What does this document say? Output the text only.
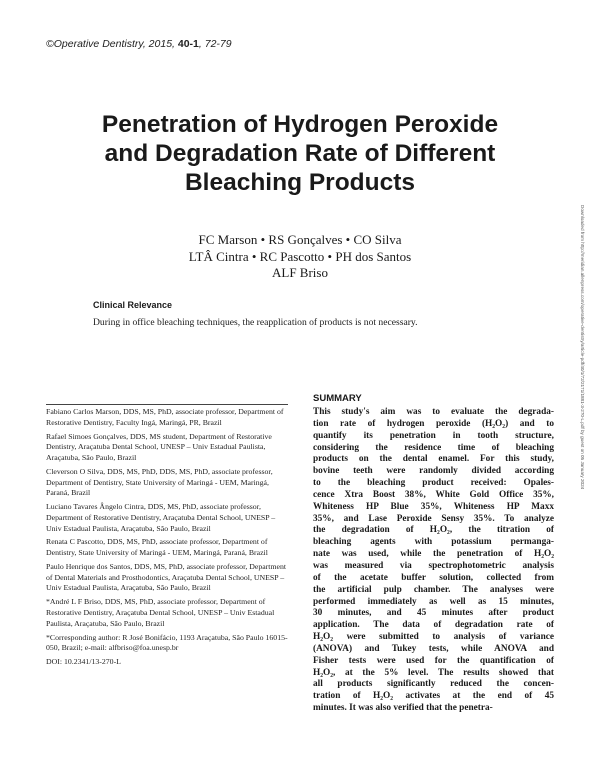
©Operative Dentistry, 2015, 40-1, 72-79
Penetration of Hydrogen Peroxide
and Degradation Rate of Different
Bleaching Products
FC Marson • RS Gonçalves • CO Silva
LTÂ Cintra • RC Pascotto • PH dos Santos
ALF Briso	Downloaded from http://meridian.allenpress.com/operative-dentistry/article-pdf/40/1/72/2171/1881-3-270-L.pdf by guest on 05 January 2024
Clinical Relevance
During in office bleaching techniques, the reapplication of products is not necessary.

Fabiano Carlos Marson, DDS, MS, PhD, associate professor, Department of Restorative Dentistry, Faculty Ingá, Maringá, PR, Brazil

Rafael Simoes Gonçalves, DDS, MS student, Department of Restorative Dentistry, Araçatuba Dental School, UNESP – Univ Estadual Paulista, Araçatuba, São Paulo, Brazil

Cleverson O Silva, DDS, MS, PhD, DDS, MS, PhD, associate professor, Department of Dentistry, State University of Maringá - UEM, Maringá, Paraná, Brazil

Luciano Tavares Ângelo Cintra, DDS, MS, PhD, associate professor, Department of Restorative Dentistry, Araçatuba Dental School, UNESP – Univ Estadual Paulista, Araçatuba, São Paulo, Brazil

Renata C Pascotto, DDS, MS, PhD, associate professor, Department of Dentistry, State University of Maringá - UEM, Maringá, Paraná, Brazil

Paulo Henrique dos Santos, DDS, MS, PhD, associate professor, Department of Dental Materials and Prosthodontics, Araçatuba Dental School, UNESP – Univ Estadual Paulista, Araçatuba, São Paulo, Brazil

*André L F Briso, DDS, MS, PhD, associate professor, Department of Restorative Dentistry, Araçatuba Dental School, UNESP – Univ Estadual Paulista, Araçatuba, São Paulo, Brazil

*Corresponding author: R José Bonifácio, 1193 Araçatuba, São Paulo 16015-050, Brazil; e-mail: alfbriso@foa.unesp.br

DOI: 10.2341/13-270-L

SUMMARY
This study's aim was to evaluate the degrada-
tion rate of hydrogen peroxide (H₂O₂) and to
quantify its penetration in tooth structure,
considering the residence time of bleaching
products on the dental enamel. For this study,
bovine teeth were randomly divided according
to the bleaching product received: Opales-
cence Xtra Boost 38%, White Gold Office 35%,
Whiteness HP Blue 35%, Whiteness HP Maxx
35%, and Lase Peroxide Sensy 35%. To analyze
the degradation of H₂O₂, the titration of
bleaching agents with potassium permanga-
nate was used, while the penetration of H₂O₂
was measured via spectrophotometric analysis
of the acetate buffer solution, collected from
the artificial pulp chamber. The analyses were
performed immediately as well as 15 minutes,
30 minutes, and 45 minutes after product
application. The data of degradation rate of
H₂O₂ were submitted to analysis of variance
(ANOVA) and Tukey tests, while ANOVA and
Fisher tests were used for the quantification of
H₂O₂, at the 5% level. The results showed that
all products significantly reduced the concen-
tration of H₂O₂ activates at the end of 45
minutes. It was also verified that the penetra-
